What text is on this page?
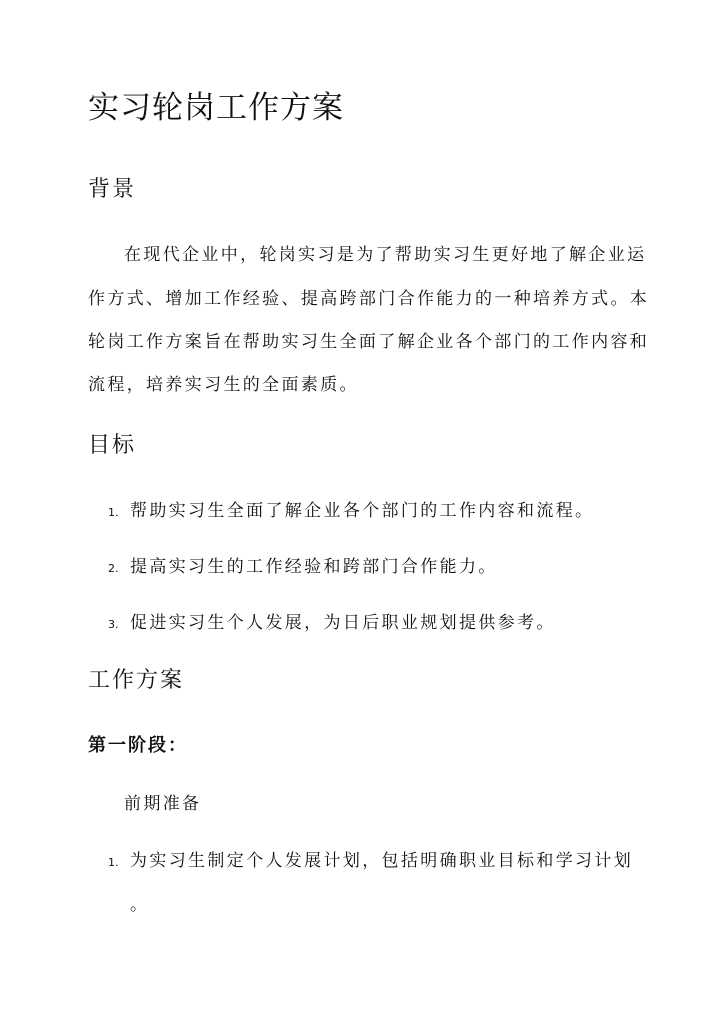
实习轮岗工作方案
背景
在现代企业中，轮岗实习是为了帮助实习生更好地了解企业运
作方式、增加工作经验、提高跨部门合作能力的一种培养方式。本
轮岗工作方案旨在帮助实习生全面了解企业各个部门的工作内容和
流程，培养实习生的全面素质。
目标
1. 帮助实习生全面了解企业各个部门的工作内容和流程。
2. 提高实习生的工作经验和跨部门合作能力。
3. 促进实习生个人发展，为日后职业规划提供参考。
工作方案
第一阶段：
前期准备
1. 为实习生制定个人发展计划，包括明确职业目标和学习计划
。
